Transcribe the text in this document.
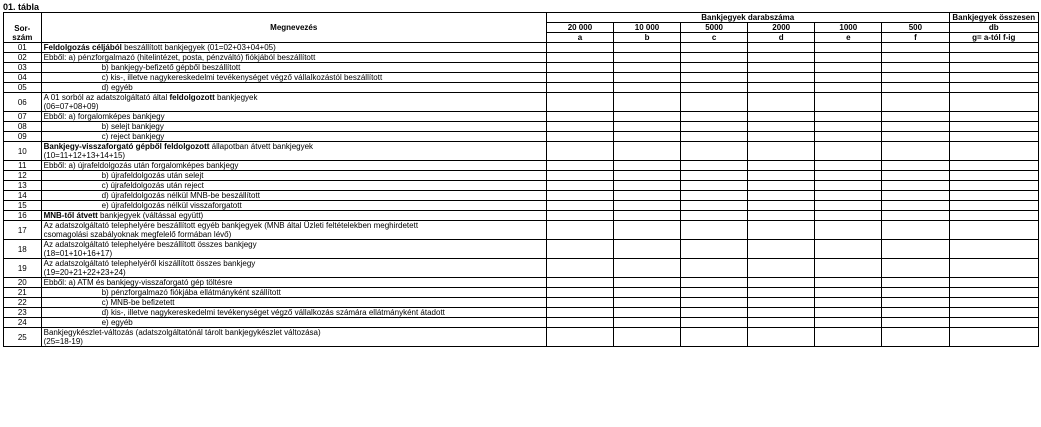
01. tábla
Sor-	Megnevezés	Bankjegyek darabszáma						Bankjegyek összesen
		20 000	10 000	5000	2000	1000	500	db
szám		a	b	c	d	e	f	g= a-tól f-ig

01	Feldolgozás céljából beszállított bankjegyek (01=02+03+04+05)							

02	Ebből: a) pénzforgalmazó (hitelintézet, posta, pénzváltó) fiókjából beszállított							

03	b) bankjegy-befizető gépből beszállított							

04	c) kis-, illetve nagykereskedelmi tevékenységet végző vállalkozástól beszállított							

05	d) egyéb							

06	A 01 sorból az adatszolgáltató által feldolgozott bankjegyek
(06=07+08+09)							

07	Ebből: a) forgalomképes bankjegy							

08	b) selejt bankjegy							

09	c) reject bankjegy							

10	Bankjegy-visszaforgató gépből feldolgozott állapotban átvett bankjegyek
(10=11+12+13+14+15)							

11	Ebből: a) újrafeldolgozás után forgalomképes bankjegy							

12	b) újrafeldolgozás után selejt							

13	c) újrafeldolgozás után reject							

14	d) újrafeldolgozás nélkül MNB-be beszállított							

15	e) újrafeldolgozás nélkül visszaforgatott							

16	MNB-től átvett bankjegyek (váltással együtt)							

17	Az adatszolgáltató telephelyére beszállított egyéb bankjegyek (MNB által Üzleti feltételekben meghirdetett
csomagolási szabályoknak megfelelő formában lévő)							

18	Az adatszolgáltató telephelyére beszállított összes bankjegy
(18=01+10+16+17)							

19	Az adatszolgáltató telephelyéről kiszállított összes bankjegy
(19=20+21+22+23+24)							

20	Ebből: a) ATM és bankjegy-visszaforgató gép töltésre							

21	b) pénzforgalmazó fiókjába ellátmányként szállított							

22	c) MNB-be befizetett							

23	d) kis-, illetve nagykereskedelmi tevékenységet végző vállalkozás számára ellátmányként átadott							

24	e) egyéb							

25	Bankjegykészlet-változás (adatszolgáltatónál tárolt bankjegykészlet változása)
(25=18-19)							
